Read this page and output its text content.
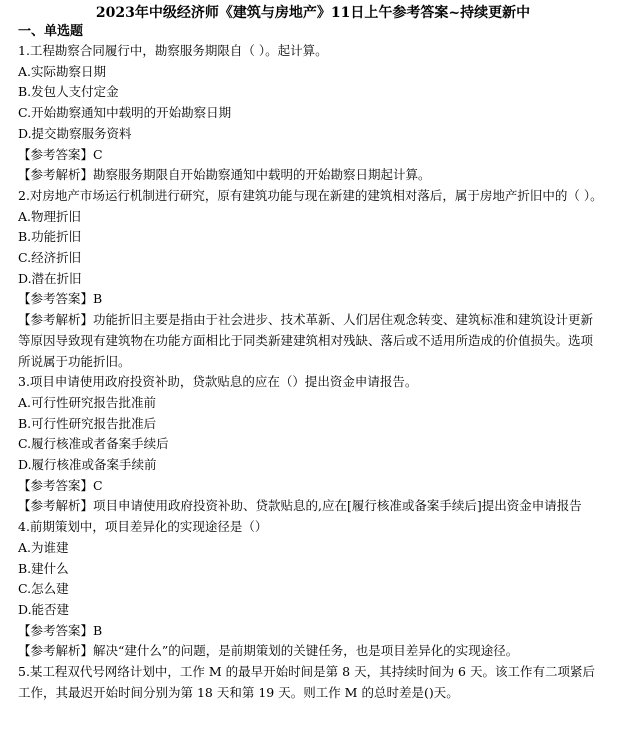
2023年中级经济师《建筑与房地产》11日上午参考答案~持续更新中
一、单选题
1.工程勘察合同履行中，勘察服务期限自（ ）。起计算。
A.实际勘察日期
B.发包人支付定金
C.开始勘察通知中载明的开始勘察日期
D.提交勘察服务资料
【参考答案】C
【参考解析】勘察服务期限自开始勘察通知中载明的开始勘察日期起计算。
2.对房地产市场运行机制进行研究，原有建筑功能与现在新建的建筑相对落后，属于房地产折旧中的（ ）。
A.物理折旧
B.功能折旧
C.经济折旧
D.潜在折旧
【参考答案】B
【参考解析】功能折旧主要是指由于社会进步、技术革新、人们居住观念转变、建筑标准和建筑设计更新等原因导致现有建筑物在功能方面相比于同类新建建筑相对残缺、落后或不适用所造成的价值损失。选项所说属于功能折旧。
3.项目申请使用政府投资补助，贷款贴息的应在（）提出资金申请报告。
A.可行性研究报告批准前
B.可行性研究报告批准后
C.履行核准或者备案手续后
D.履行核准或备案手续前
【参考答案】C
【参考解析】项目申请使用政府投资补助、贷款贴息的,应在[履行核准或备案手续后]提出资金申请报告
4.前期策划中，项目差异化的实现途径是（）
A.为谁建
B.建什么
C.怎么建
D.能否建
【参考答案】B
【参考解析】解决“建什么”的问题，是前期策划的关键任务，也是项目差异化的实现途径。
5.某工程双代号网络计划中，工作 M 的最早开始时间是第 8 天，其持续时间为 6 天。该工作有二项紧后工作，其最迟开始时间分别为第 18 天和第 19 天。则工作 M 的总时差是()天。
